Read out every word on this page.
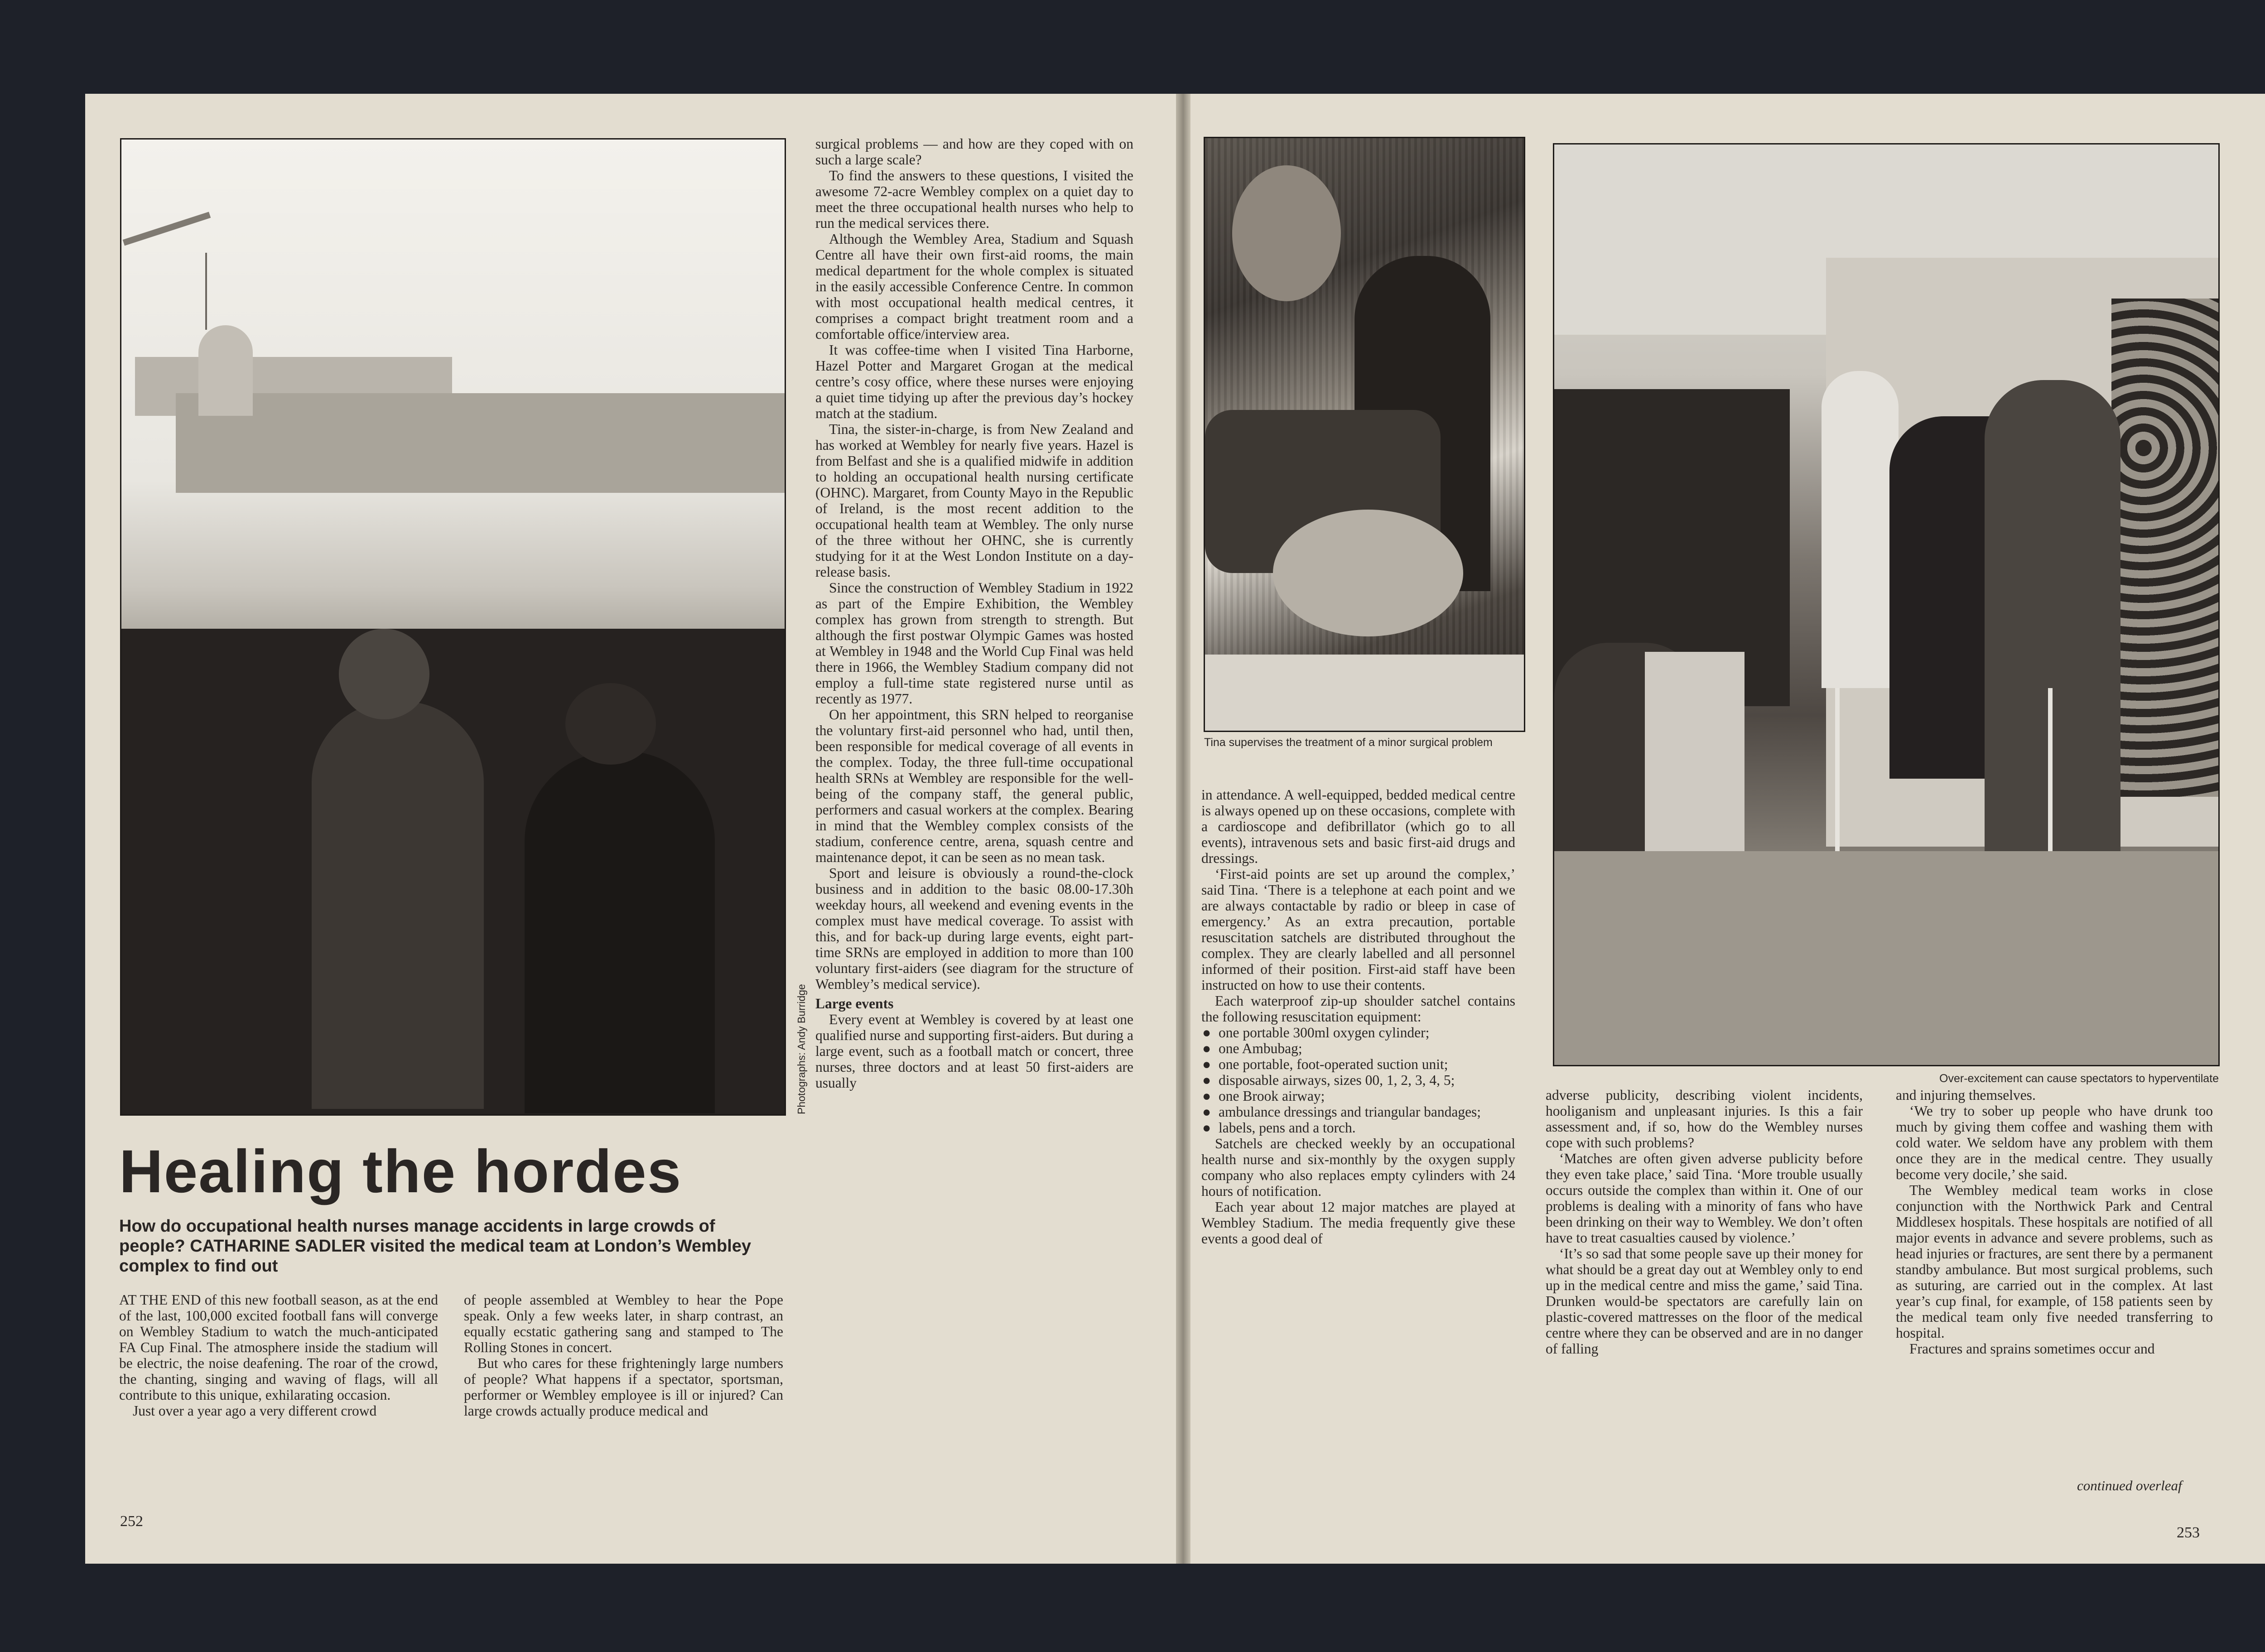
Photographs: Andy Burridge
Healing the hordes

How do occupational health nurses manage accidents in large crowds of people? CATHARINE SADLER visited the medical team at London’s Wembley complex to find out

AT THE END of this new football season, as at the end of the last, 100,000 excited football fans will converge on Wembley Stadium to watch the much-anticipated FA Cup Final. The atmosphere inside the stadium will be electric, the noise deafening. The roar of the crowd, the chanting, singing and waving of flags, will all contribute to this unique, exhilarating occasion.

Just over a year ago a very different crowd

of people assembled at Wembley to hear the Pope speak. Only a few weeks later, in sharp contrast, an equally ecstatic gathering sang and stamped to The Rolling Stones in concert.

But who cares for these frighteningly large numbers of people? What happens if a spectator, sportsman, performer or Wembley employee is ill or injured? Can large crowds actually produce medical and

surgical problems — and how are they coped with on such a large scale?

To find the answers to these questions, I visited the awesome 72-acre Wembley complex on a quiet day to meet the three occupational health nurses who help to run the medical services there.

Although the Wembley Area, Stadium and Squash Centre all have their own first-aid rooms, the main medical department for the whole complex is situated in the easily accessible Conference Centre. In common with most occupational health medical centres, it comprises a compact bright treatment room and a comfortable office/interview area.

It was coffee-time when I visited Tina Harborne, Hazel Potter and Margaret Grogan at the medical centre’s cosy office, where these nurses were enjoying a quiet time tidying up after the previous day’s hockey match at the stadium.

Tina, the sister-in-charge, is from New Zealand and has worked at Wembley for nearly five years. Hazel is from Belfast and she is a qualified midwife in addition to holding an occupational health nursing certificate (OHNC). Margaret, from County Mayo in the Republic of Ireland, is the most recent addition to the occupational health team at Wembley. The only nurse of the three without her OHNC, she is currently studying for it at the West London Institute on a day-release basis.

Since the construction of Wembley Stadium in 1922 as part of the Empire Exhibition, the Wembley complex has grown from strength to strength. But although the first postwar Olympic Games was hosted at Wembley in 1948 and the World Cup Final was held there in 1966, the Wembley Stadium company did not employ a full-time state registered nurse until as recently as 1977.

On her appointment, this SRN helped to reorganise the voluntary first-aid personnel who had, until then, been responsible for medical coverage of all events in the complex. Today, the three full-time occupational health SRNs at Wembley are responsible for the well-being of the company staff, the general public, performers and casual workers at the complex. Bearing in mind that the Wembley complex consists of the stadium, conference centre, arena, squash centre and maintenance depot, it can be seen as no mean task.

Sport and leisure is obviously a round-the-clock business and in addition to the basic 08.00-17.30h weekday hours, all weekend and evening events in the complex must have medical coverage. To assist with this, and for back-up during large events, eight part-time SRNs are employed in addition to more than 100 voluntary first-aiders (see diagram for the structure of Wembley’s medical service).

Large events

Every event at Wembley is covered by at least one qualified nurse and supporting first-aiders. But during a large event, such as a football match or concert, three nurses, three doctors and at least 50 first-aiders are usually

Tina supervises the treatment of a minor surgical problem
Over-excitement can cause spectators to hyperventilate

in attendance. A well-equipped, bedded medical centre is always opened up on these occasions, complete with a cardioscope and defibrillator (which go to all events), intravenous sets and basic first-aid drugs and dressings.

‘First-aid points are set up around the complex,’ said Tina. ‘There is a telephone at each point and we are always contactable by radio or bleep in case of emergency.’ As an extra precaution, portable resuscitation satchels are distributed throughout the complex. They are clearly labelled and all personnel informed of their position. First-aid staff have been instructed on how to use their contents.

Each waterproof zip-up shoulder satchel contains the following resuscitation equipment:

● one portable 300ml oxygen cylinder;
● one Ambubag;
● one portable, foot-operated suction unit;
● disposable airways, sizes 00, 1, 2, 3, 4, 5;
● one Brook airway;
● ambulance dressings and triangular bandages;
● labels, pens and a torch.

Satchels are checked weekly by an occupational health nurse and six-monthly by the oxygen supply company who also replaces empty cylinders with 24 hours of notification.

Each year about 12 major matches are played at Wembley Stadium. The media frequently give these events a good deal of

adverse publicity, describing violent incidents, hooliganism and unpleasant injuries. Is this a fair assessment and, if so, how do the Wembley nurses cope with such problems?

‘Matches are often given adverse publicity before they even take place,’ said Tina. ‘More trouble usually occurs outside the complex than within it. One of our problems is dealing with a minority of fans who have been drinking on their way to Wembley. We don’t often have to treat casualties caused by violence.’

‘It’s so sad that some people save up their money for what should be a great day out at Wembley only to end up in the medical centre and miss the game,’ said Tina. Drunken would-be spectators are carefully lain on plastic-covered mattresses on the floor of the medical centre where they can be observed and are in no danger of falling

and injuring themselves.

‘We try to sober up people who have drunk too much by giving them coffee and washing them with cold water. We seldom have any problem with them once they are in the medical centre. They usually become very docile,’ she said.

The Wembley medical team works in close conjunction with the Northwick Park and Central Middlesex hospitals. These hospitals are notified of all major events in advance and severe problems, such as head injuries or fractures, are sent there by a permanent standby ambulance. But most surgical problems, such as suturing, are carried out in the complex. At last year’s cup final, for example, of 158 patients seen by the medical team only five needed transferring to hospital.

Fractures and sprains sometimes occur and

continued overleaf
252
253
